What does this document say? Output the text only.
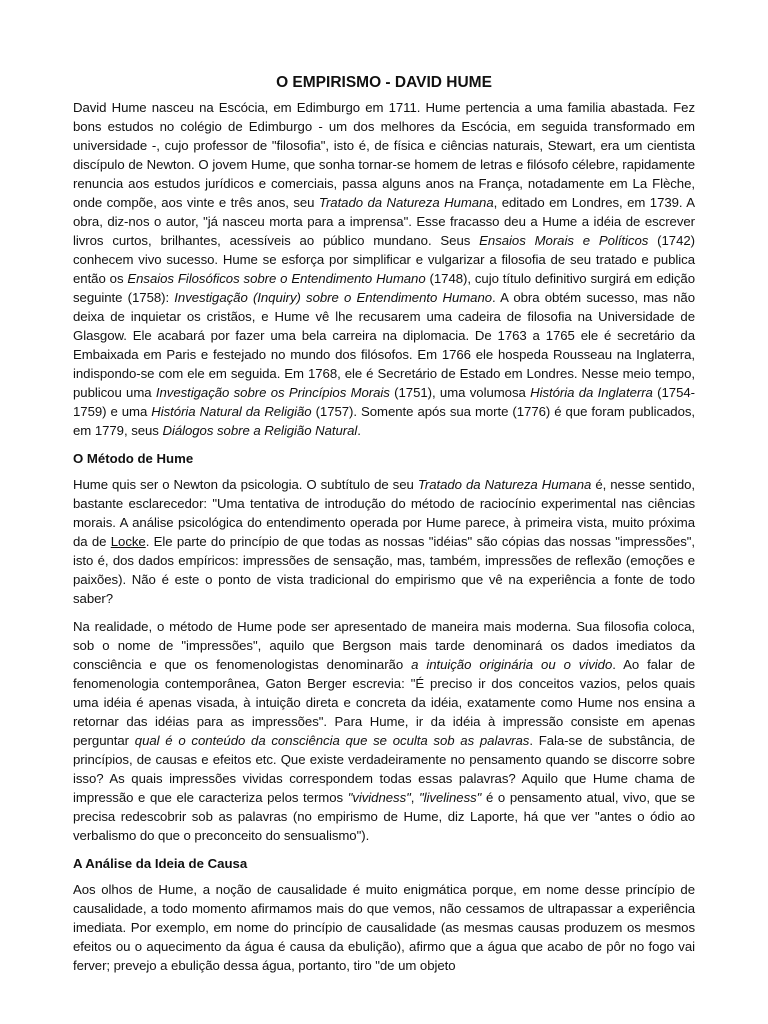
O EMPIRISMO - DAVID HUME

David Hume nasceu na Escócia, em Edimburgo em 1711. Hume pertencia a uma familia abastada. Fez bons estudos no colégio de Edimburgo - um dos melhores da Escócia, em seguida transformado em universidade -, cujo professor de "filosofia", isto é, de física e ciências naturais, Stewart, era um cientista discípulo de Newton. O jovem Hume, que sonha tornar-se homem de letras e filósofo célebre, rapidamente renuncia aos estudos jurídicos e comerciais, passa alguns anos na França, notadamente em La Flèche, onde compõe, aos vinte e três anos, seu Tratado da Natureza Humana, editado em Londres, em 1739. A obra, diz-nos o autor, "já nasceu morta para a imprensa". Esse fracasso deu a Hume a idéia de escrever livros curtos, brilhantes, acessíveis ao público mundano. Seus Ensaios Morais e Políticos (1742) conhecem vivo sucesso. Hume se esforça por simplificar e vulgarizar a filosofia de seu tratado e publica então os Ensaios Filosóficos sobre o Entendimento Humano (1748), cujo título definitivo surgirá em edição seguinte (1758): Investigação (Inquiry) sobre o Entendimento Humano. A obra obtém sucesso, mas não deixa de inquietar os cristãos, e Hume vê lhe recusarem uma cadeira de filosofia na Universidade de Glasgow. Ele acabará por fazer uma bela carreira na diplomacia. De 1763 a 1765 ele é secretário da Embaixada em Paris e festejado no mundo dos filósofos. Em 1766 ele hospeda Rousseau na Inglaterra, indispondo-se com ele em seguida. Em 1768, ele é Secretário de Estado em Londres. Nesse meio tempo, publicou uma Investigação sobre os Princípios Morais (1751), uma volumosa História da Inglaterra (1754-1759) e uma História Natural da Religião (1757). Somente após sua morte (1776) é que foram publicados, em 1779, seus Diálogos sobre a Religião Natural.

O Método de Hume

Hume quis ser o Newton da psicologia. O subtítulo de seu Tratado da Natureza Humana é, nesse sentido, bastante esclarecedor: "Uma tentativa de introdução do método de raciocínio experimental nas ciências morais. A análise psicológica do entendimento operada por Hume parece, à primeira vista, muito próxima da de Locke. Ele parte do princípio de que todas as nossas "idéias" são cópias das nossas "impressões", isto é, dos dados empíricos: impressões de sensação, mas, também, impressões de reflexão (emoções e paixões). Não é este o ponto de vista tradicional do empirismo que vê na experiência a fonte de todo saber?

Na realidade, o método de Hume pode ser apresentado de maneira mais moderna. Sua filosofia coloca, sob o nome de "impressões", aquilo que Bergson mais tarde denominará os dados imediatos da consciência e que os fenomenologistas denominarão a intuição originária ou o vivido. Ao falar de fenomenologia contemporânea, Gaton Berger escrevia: "É preciso ir dos conceitos vazios, pelos quais uma idéia é apenas visada, à intuição direta e concreta da idéia, exatamente como Hume nos ensina a retornar das idéias para as impressões". Para Hume, ir da idéia à impressão consiste em apenas perguntar qual é o conteúdo da consciência que se oculta sob as palavras. Fala-se de substância, de princípios, de causas e efeitos etc. Que existe verdadeiramente no pensamento quando se discorre sobre isso? As quais impressões vividas correspondem todas essas palavras? Aquilo que Hume chama de impressão e que ele caracteriza pelos termos "vividness", "liveliness" é o pensamento atual, vivo, que se precisa redescobrir sob as palavras (no empirismo de Hume, diz Laporte, há que ver "antes o ódio ao verbalismo do que o preconceito do sensualismo").

A Análise da Ideia de Causa

Aos olhos de Hume, a noção de causalidade é muito enigmática porque, em nome desse princípio de causalidade, a todo momento afirmamos mais do que vemos, não cessamos de ultrapassar a experiência imediata. Por exemplo, em nome do princípio de causalidade (as mesmas causas produzem os mesmos efeitos ou o aquecimento da água é causa da ebulição), afirmo que a água que acabo de pôr no fogo vai ferver; prevejo a ebulição dessa água, portanto, tiro "de um objeto
